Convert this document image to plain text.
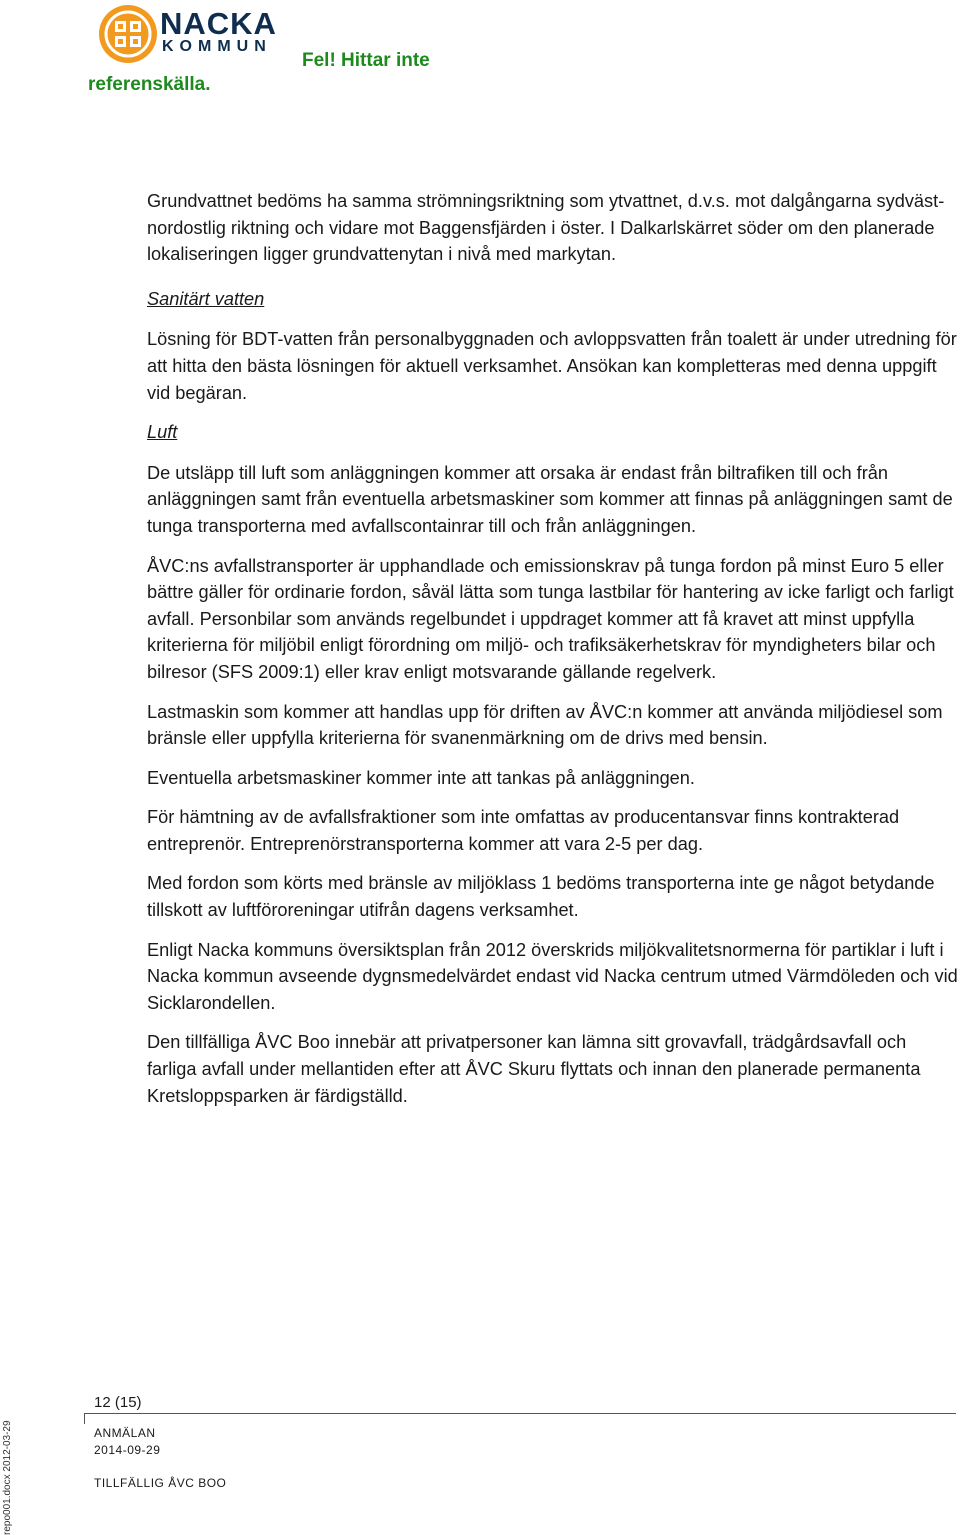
NACKA
KOMMUN
Fel! Hittar inte
referenskälla.

Grundvattnet bedöms ha samma strömningsriktning som ytvattnet, d.v.s. mot dalgångarna sydväst-nordostlig riktning och vidare mot Baggensfjärden i öster. I Dalkarlskärret söder om den planerade lokaliseringen ligger grundvattenytan i nivå med markytan.

Sanitärt vatten

Lösning för BDT-vatten från personalbyggnaden och avloppsvatten från toalett är under utredning för att hitta den bästa lösningen för aktuell verksamhet. Ansökan kan kompletteras med denna uppgift vid begäran.

Luft

De utsläpp till luft som anläggningen kommer att orsaka är endast från biltrafiken till och från anläggningen samt från eventuella arbetsmaskiner som kommer att finnas på anläggningen samt de tunga transporterna med avfallscontainrar till och från anläggningen.

ÅVC:ns avfallstransporter är upphandlade och emissionskrav på tunga fordon på minst Euro 5 eller bättre gäller för ordinarie fordon, såväl lätta som tunga lastbilar för hantering av icke farligt och farligt avfall. Personbilar som används regelbundet i uppdraget kommer att få kravet att minst uppfylla kriterierna för miljöbil enligt förordning om miljö- och trafiksäkerhetskrav för myndigheters bilar och bilresor (SFS 2009:1) eller krav enligt motsvarande gällande regelverk.

Lastmaskin som kommer att handlas upp för driften av ÅVC:n kommer att använda miljödiesel som bränsle eller uppfylla kriterierna för svanenmärkning om de drivs med bensin.

Eventuella arbetsmaskiner kommer inte att tankas på anläggningen.

För hämtning av de avfallsfraktioner som inte omfattas av producentansvar finns kontrakterad entreprenör. Entreprenörstransporterna kommer att vara 2-5 per dag.

Med fordon som körts med bränsle av miljöklass 1 bedöms transporterna inte ge något betydande tillskott av luftföroreningar utifrån dagens verksamhet.

Enligt Nacka kommuns översiktsplan från 2012 överskrids miljökvalitetsnormerna för partiklar i luft i Nacka kommun avseende dygnsmedelvärdet endast vid Nacka centrum utmed Värmdöleden och vid Sicklarondellen.

Den tillfälliga ÅVC Boo innebär att privatpersoner kan lämna sitt grovavfall, trädgårdsavfall och farliga avfall under mellantiden efter att ÅVC Skuru flyttats och innan den planerade permanenta Kretsloppsparken är färdigställd.

12 (15)
ANMÄLAN
2014-09-29
TILLFÄLLIG ÅVC BOO
repo001.docx 2012-03-29
